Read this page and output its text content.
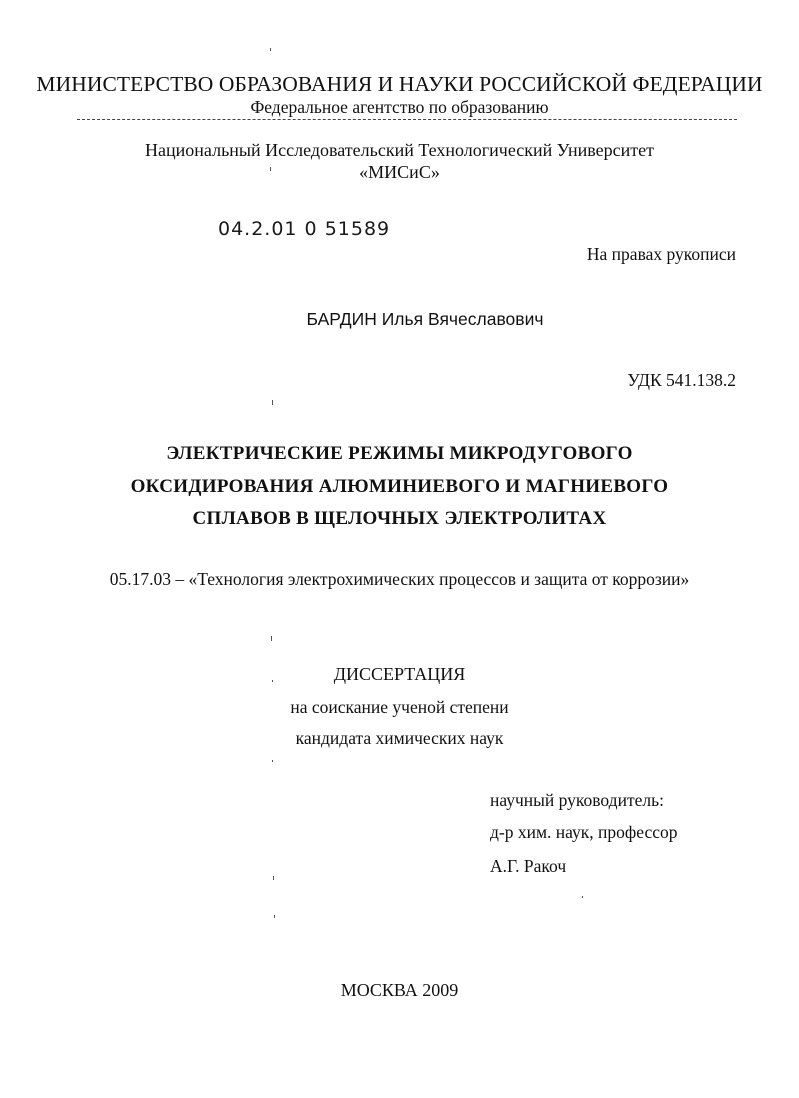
МИНИСТЕРСТВО ОБРАЗОВАНИЯ И НАУКИ РОССИЙСКОЙ ФЕДЕРАЦИИ
Федеральное агентство по образованию
Национальный Исследовательский Технологический Университет
«МИСиС»
04.2.01 0 51589
На правах рукописи
БАРДИН Илья Вячеславович
УДК 541.138.2
ЭЛЕКТРИЧЕСКИЕ РЕЖИМЫ МИКРОДУГОВОГО
ОКСИДИРОВАНИЯ АЛЮМИНИЕВОГО И МАГНИЕВОГО
СПЛАВОВ В ЩЕЛОЧНЫХ ЭЛЕКТРОЛИТАХ
05.17.03 – «Технология электрохимических процессов и защита от коррозии»
ДИССЕРТАЦИЯ
на соискание ученой степени
кандидата химических наук
научный руководитель:
д-р хим. наук, профессор
А.Г. Ракоч
МОСКВА 2009
